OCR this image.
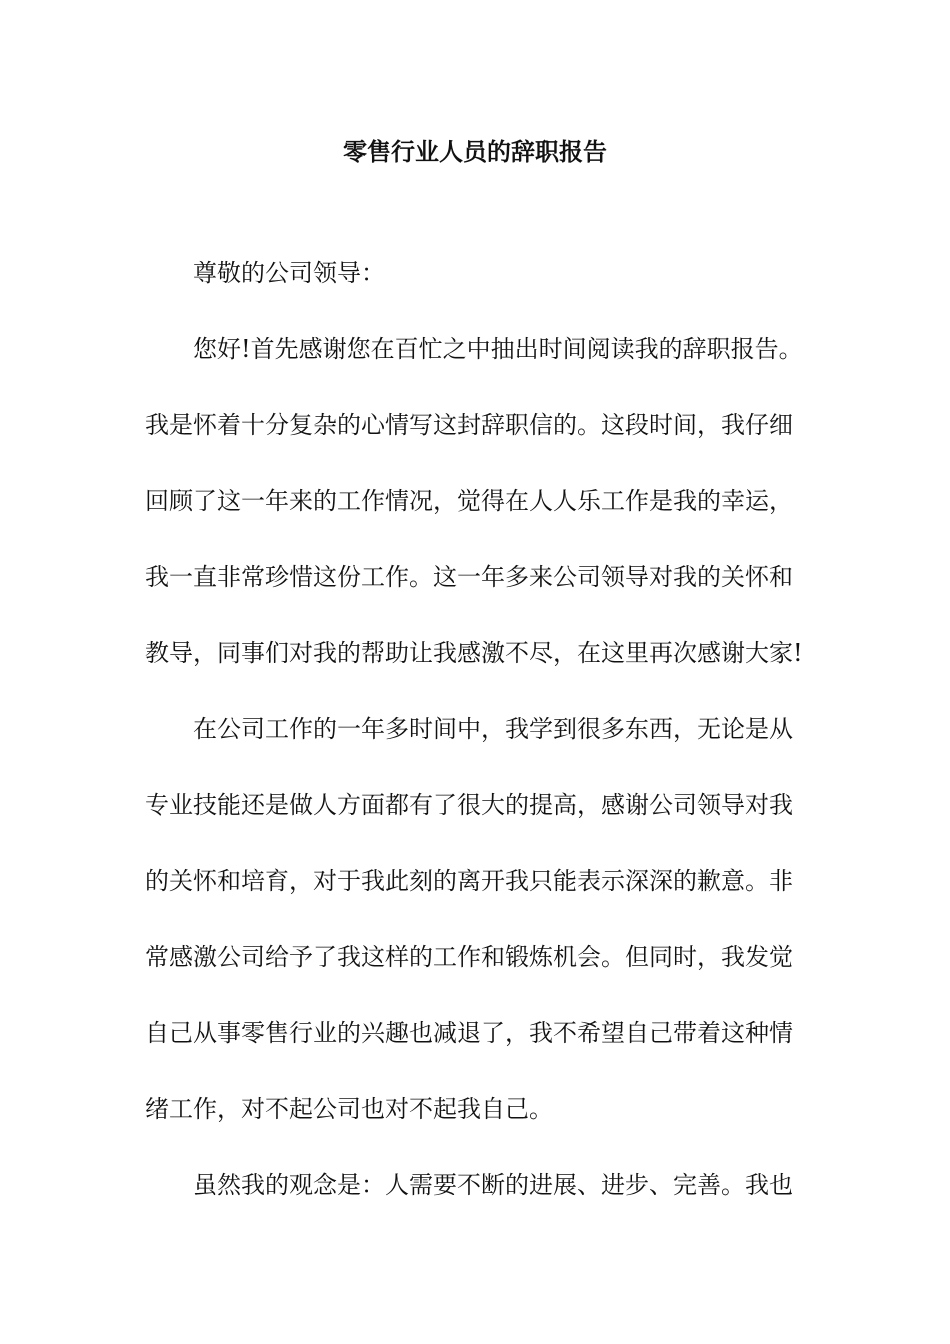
零售行业人员的辞职报告
尊敬的公司领导：
您好!首先感谢您在百忙之中抽出时间阅读我的辞职报告。
我是怀着十分复杂的心情写这封辞职信的。这段时间，我仔细
回顾了这一年来的工作情况，觉得在人人乐工作是我的幸运，
我一直非常珍惜这份工作。这一年多来公司领导对我的关怀和
教导，同事们对我的帮助让我感激不尽，在这里再次感谢大家!
在公司工作的一年多时间中，我学到很多东西，无论是从
专业技能还是做人方面都有了很大的提高，感谢公司领导对我
的关怀和培育，对于我此刻的离开我只能表示深深的歉意。非
常感激公司给予了我这样的工作和锻炼机会。但同时，我发觉
自己从事零售行业的兴趣也减退了，我不希望自己带着这种情
绪工作，对不起公司也对不起我自己。
虽然我的观念是：人需要不断的进展、进步、完善。我也
